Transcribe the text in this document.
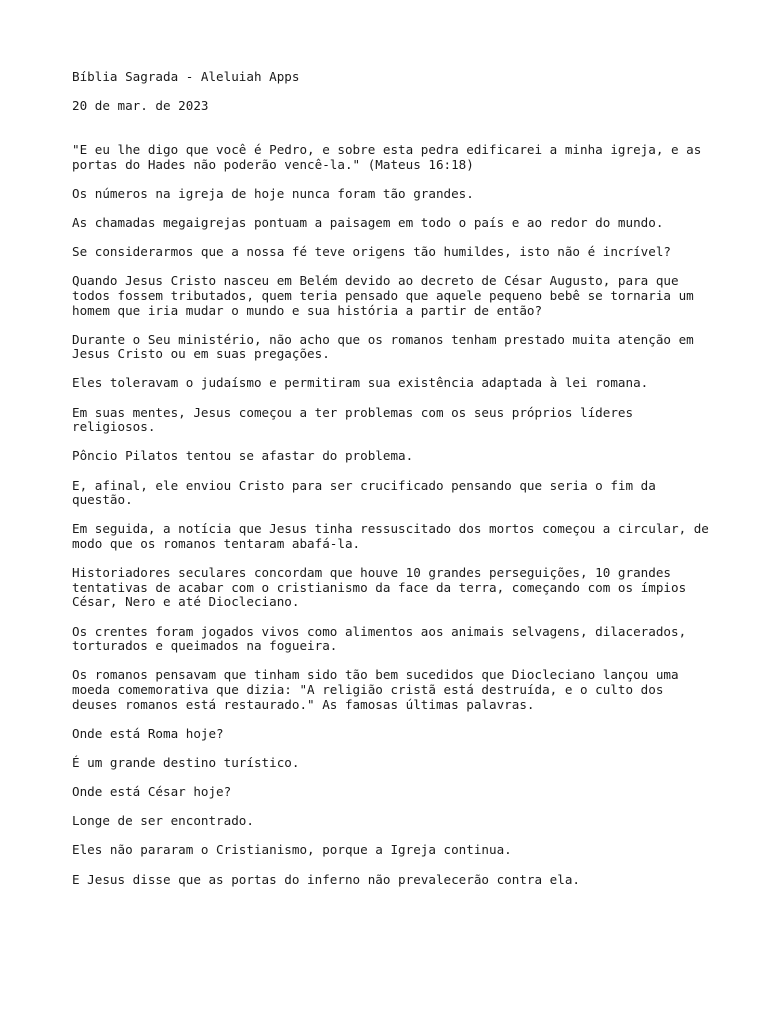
Bíblia Sagrada - Aleluiah Apps

20 de mar. de 2023

"E eu lhe digo que você é Pedro, e sobre esta pedra edificarei a minha igreja, e as portas do Hades não poderão vencê-la." (Mateus 16:18)

Os números na igreja de hoje nunca foram tão grandes.

As chamadas megaigrejas pontuam a paisagem em todo o país e ao redor do mundo.

Se considerarmos que a nossa fé teve origens tão humildes, isto não é incrível?

Quando Jesus Cristo nasceu em Belém devido ao decreto de César Augusto, para que todos fossem tributados, quem teria pensado que aquele pequeno bebê se tornaria um homem que iria mudar o mundo e sua história a partir de então?

Durante o Seu ministério, não acho que os romanos tenham prestado muita atenção em Jesus Cristo ou em suas pregações.

Eles toleravam o judaísmo e permitiram sua existência adaptada à lei romana.

Em suas mentes, Jesus começou a ter problemas com os seus próprios líderes religiosos.

Pôncio Pilatos tentou se afastar do problema.

E, afinal, ele enviou Cristo para ser crucificado pensando que seria o fim da questão.

Em seguida, a notícia que Jesus tinha ressuscitado dos mortos começou a circular, de modo que os romanos tentaram abafá-la.

Historiadores seculares concordam que houve 10 grandes perseguições, 10 grandes tentativas de acabar com o cristianismo da face da terra, começando com os ímpios César, Nero e até Diocleciano.

Os crentes foram jogados vivos como alimentos aos animais selvagens, dilacerados, torturados e queimados na fogueira.

Os romanos pensavam que tinham sido tão bem sucedidos que Diocleciano lançou uma moeda comemorativa que dizia: "A religião cristã está destruída, e o culto dos deuses romanos está restaurado." As famosas últimas palavras.

Onde está Roma hoje?

É um grande destino turístico.

Onde está César hoje?

Longe de ser encontrado.

Eles não pararam o Cristianismo, porque a Igreja continua.

E Jesus disse que as portas do inferno não prevalecerão contra ela.
